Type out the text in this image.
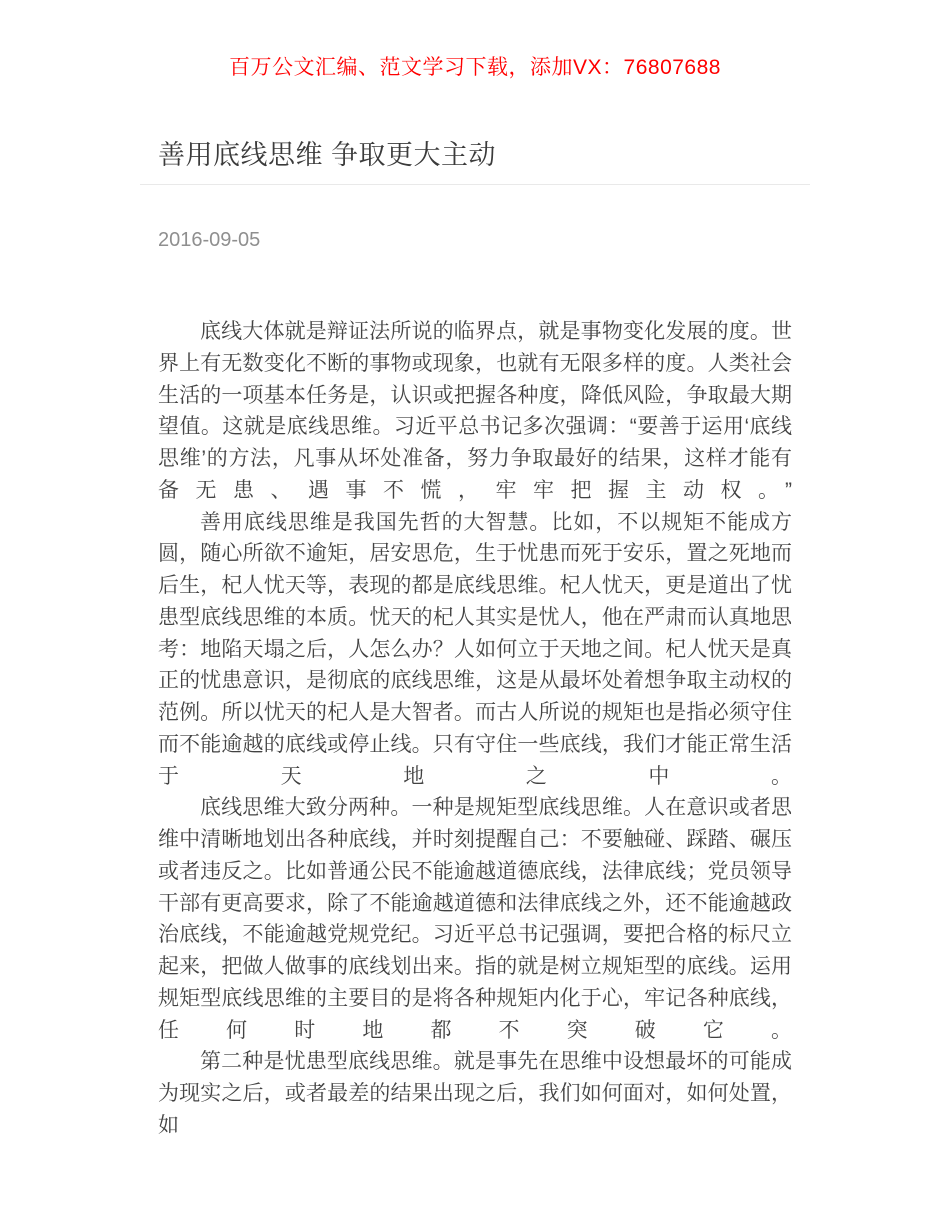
百万公文汇编、范文学习下载，添加VX：76807688
善用底线思维 争取更大主动
2016-09-05

底线大体就是辩证法所说的临界点，就是事物变化发展的度。世界上有无数变化不断的事物或现象，也就有无限多样的度。人类社会生活的一项基本任务是，认识或把握各种度，降低风险，争取最大期望值。这就是底线思维。习近平总书记多次强调：“要善于运用‘底线思维’的方法，凡事从坏处准备，努力争取最好的结果，这样才能有备无患、遇事不慌，牢牢把握主动权。”

善用底线思维是我国先哲的大智慧。比如，不以规矩不能成方圆，随心所欲不逾矩，居安思危，生于忧患而死于安乐，置之死地而后生，杞人忧天等，表现的都是底线思维。杞人忧天，更是道出了忧患型底线思维的本质。忧天的杞人其实是忧人，他在严肃而认真地思考：地陷天塌之后，人怎么办？人如何立于天地之间。杞人忧天是真正的忧患意识，是彻底的底线思维，这是从最坏处着想争取主动权的范例。所以忧天的杞人是大智者。而古人所说的规矩也是指必须守住而不能逾越的底线或停止线。只有守住一些底线，我们才能正常生活于天地之中。

底线思维大致分两种。一种是规矩型底线思维。人在意识或者思维中清晰地划出各种底线，并时刻提醒自己：不要触碰、踩踏、碾压或者违反之。比如普通公民不能逾越道德底线，法律底线；党员领导干部有更高要求，除了不能逾越道德和法律底线之外，还不能逾越政治底线，不能逾越党规党纪。习近平总书记强调，要把合格的标尺立起来，把做人做事的底线划出来。指的就是树立规矩型的底线。运用规矩型底线思维的主要目的是将各种规矩内化于心，牢记各种底线，任何时地都不突破它。

第二种是忧患型底线思维。就是事先在思维中设想最坏的可能成为现实之后，或者最差的结果出现之后，我们如何面对，如何处置，如
